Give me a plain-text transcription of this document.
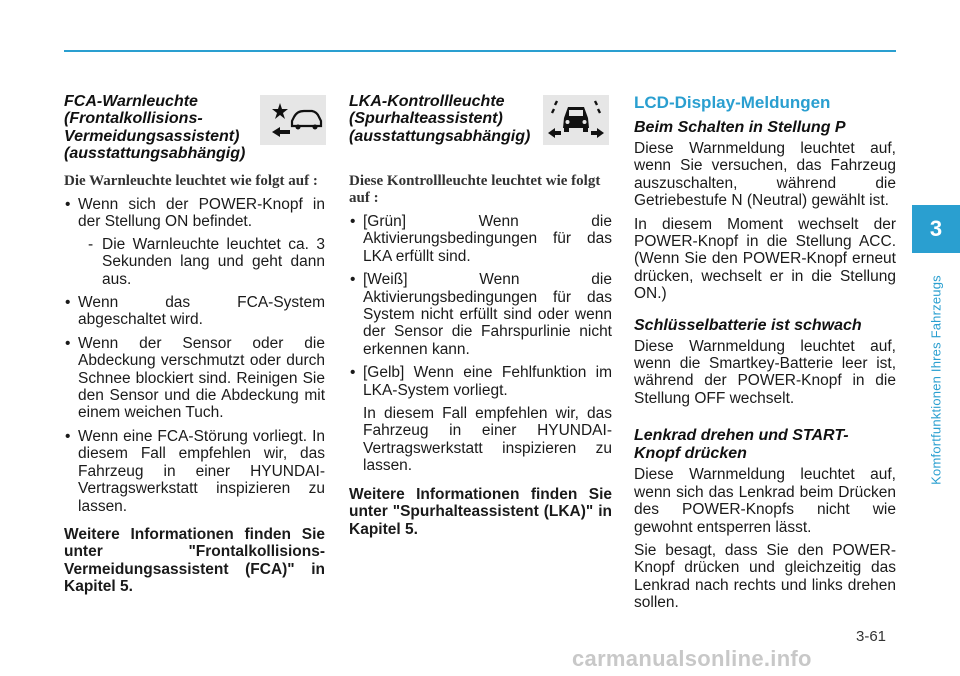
FCA-Warnleuchte
(Frontalkollisions-
Vermeidungsassistent)
(ausstattungsabhängig)
Die Warnleuchte leuchtet wie folgt auf :
• Wenn sich der POWER-Knopf in der Stellung ON befindet.
- Die Warnleuchte leuchtet ca. 3 Sekunden lang und geht dann aus.
• Wenn das FCA-System abgeschaltet wird.
• Wenn der Sensor oder die Abdeckung verschmutzt oder durch Schnee blockiert sind. Reinigen Sie den Sensor und die Abdeckung mit einem weichen Tuch.
• Wenn eine FCA-Störung vorliegt. In diesem Fall empfehlen wir, das Fahrzeug in einer HYUNDAI-Vertragswerkstatt inspizieren zu lassen.
Weitere Informationen finden Sie unter "Frontalkollisions-Vermeidungsassistent (FCA)" in Kapitel 5.
LKA-Kontrollleuchte
(Spurhalteassistent)
(ausstattungsabhängig)
Diese Kontrollleuchte leuchtet wie folgt auf :
• [Grün] Wenn die Aktivierungsbedingungen für das LKA erfüllt sind.
• [Weiß] Wenn die Aktivierungsbedingungen für das System nicht erfüllt sind oder wenn der Sensor die Fahrspurlinie nicht erkennen kann.
• [Gelb] Wenn eine Fehlfunktion im LKA-System vorliegt.
In diesem Fall empfehlen wir, das Fahrzeug in einer HYUNDAI-Vertragswerkstatt inspizieren zu lassen.
Weitere Informationen finden Sie unter "Spurhalteassistent (LKA)" in Kapitel 5.
LCD-Display-Meldungen
Beim Schalten in Stellung P
Diese Warnmeldung leuchtet auf, wenn Sie versuchen, das Fahrzeug auszuschalten, während die Getriebestufe N (Neutral) gewählt ist.
In diesem Moment wechselt der POWER-Knopf in die Stellung ACC. (Wenn Sie den POWER-Knopf erneut drücken, wechselt er in die Stellung ON.)
Schlüsselbatterie ist schwach
Diese Warnmeldung leuchtet auf, wenn die Smartkey-Batterie leer ist, während der POWER-Knopf in die Stellung OFF wechselt.
Lenkrad drehen und START-
Knopf drücken
Diese Warnmeldung leuchtet auf, wenn sich das Lenkrad beim Drücken des POWER-Knopfs nicht wie gewohnt entsperren lässt.
Sie besagt, dass Sie den POWER-Knopf drücken und gleichzeitig das Lenkrad nach rechts und links drehen sollen.
3
Komfortfunktionen Ihres Fahrzeugs
3-61
carmanualsonline.info
